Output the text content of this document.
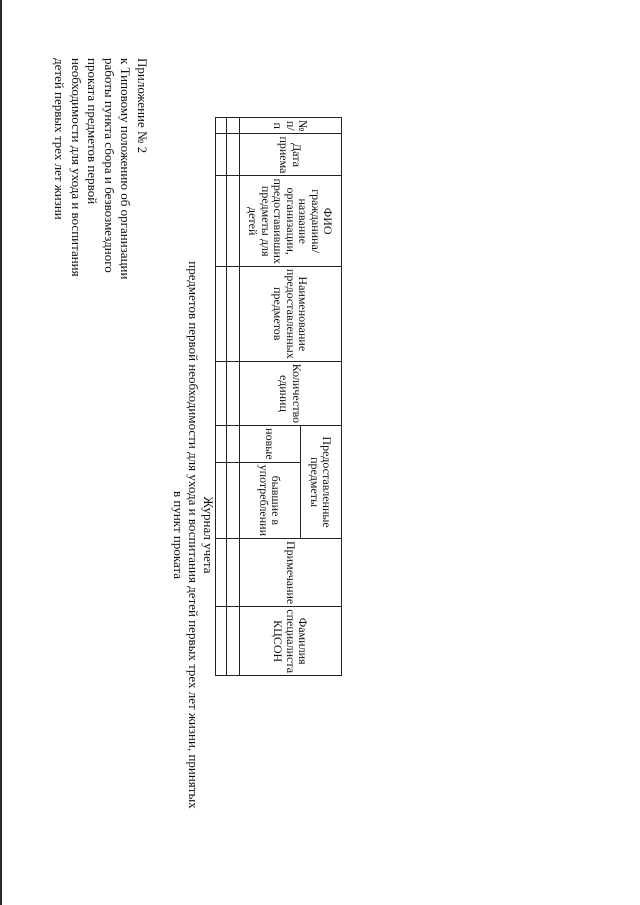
Приложение № 2
к Типовому положению об организации
работы пункта сбора и безвозмездного
проката предметов первой
необходимости для ухода и воспитания
детей первых трех лет жизни
Журнал учета
предметов первой необходимости для ухода и воспитания детей первых трех лет жизни, принятых
в пункт проката
№ п/п	Дата приема	ФИО гражданина/название организации, предоставивших предметы для детей	Наименование предоставленных предметов	Количество единиц	Предоставленные предметы		Примечание	Фамилия специалиста КЦСОН
					новые	бывшие в употреблении		
